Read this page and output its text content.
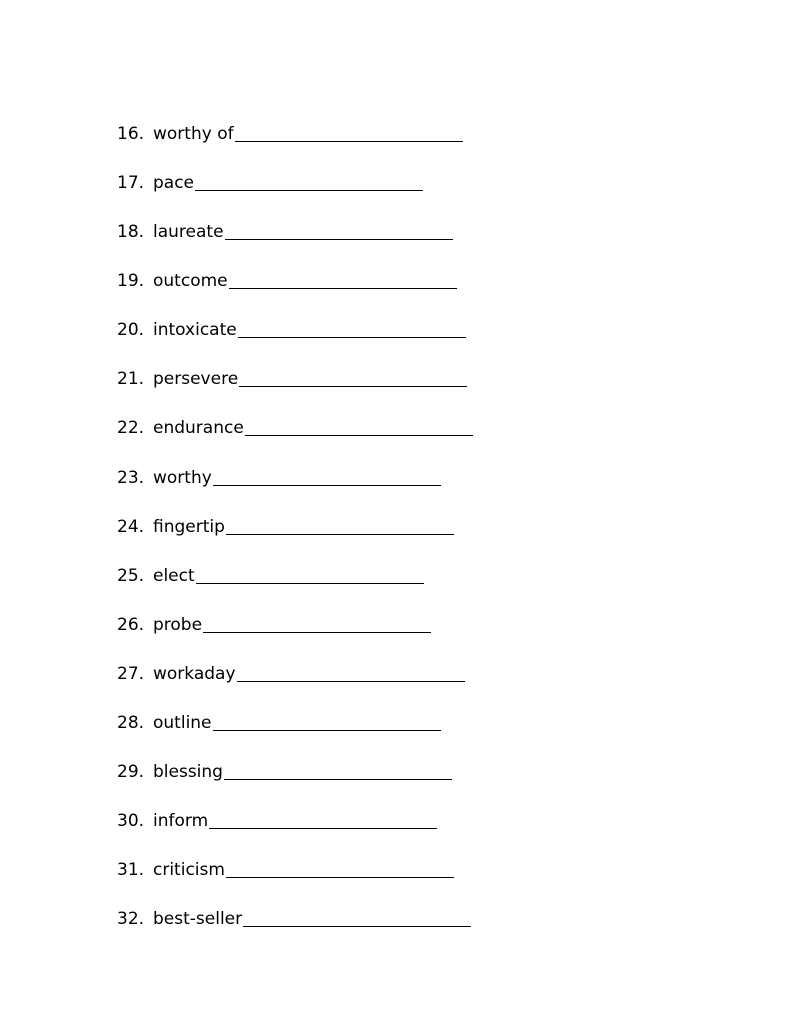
16. worthy of
17. pace
18. laureate
19. outcome
20. intoxicate
21. persevere
22. endurance
23. worthy
24. fingertip
25. elect
26. probe
27. workaday
28. outline
29. blessing
30. inform
31. criticism
32. best-seller
